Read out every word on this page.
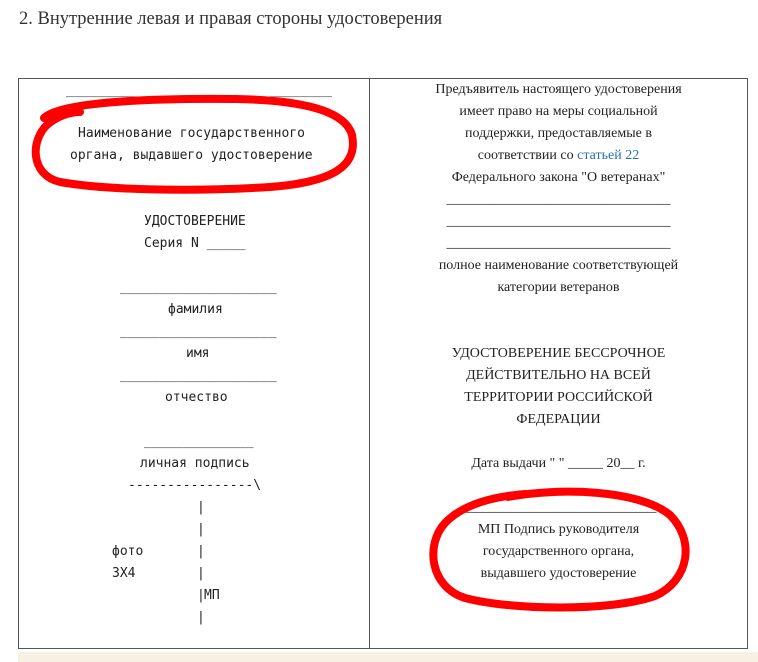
2. Внутренние левая и правая стороны удостоверения
__________________________________
Наименование государственного
органа, выдавшего удостоверение
УДОСТОВЕРЕНИЕ
Серия N _____
____________________
фамилия
____________________
имя
____________________
отчество
______________
личная подпись
----------------\
|
|
фото	|
3X4	|
| МП
|
Предъявитель настоящего удостоверения
имеет право на меры социальной
поддержки, предоставляемые в
соответствии со статьей 22
Федерального закона "О ветеранах"
________________________________
________________________________
________________________________
полное наименование соответствующей
категории ветеранов
УДОСТОВЕРЕНИЕ БЕССРОЧНОЕ
ДЕЙСТВИТЕЛЬНО НА ВСЕЙ
ТЕРРИТОРИИ РОССИЙСКОЙ
ФЕДЕРАЦИИ
Дата выдачи " " _____ 20__ г.
____________________________
МП Подпись руководителя
государственного органа,
выдавшего удостоверение
